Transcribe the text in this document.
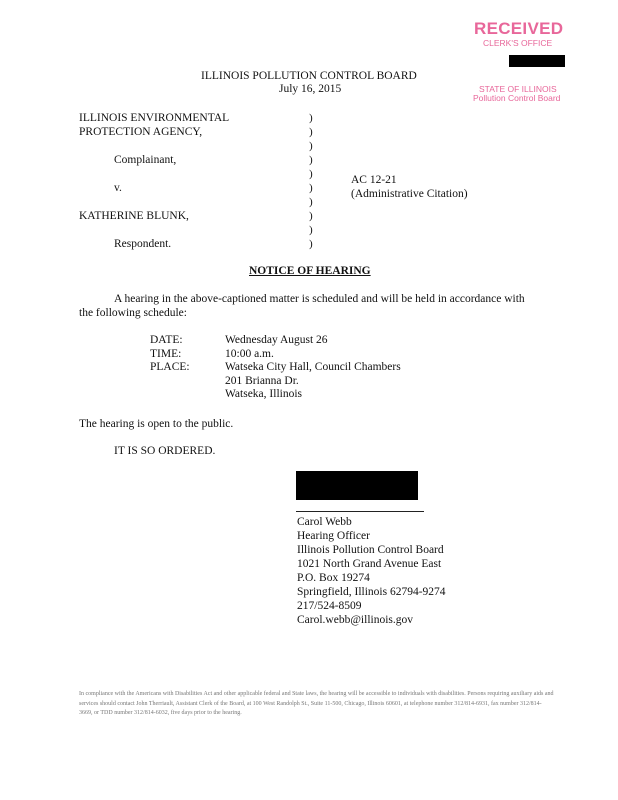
RECEIVED
CLERK'S OFFICE
STATE OF ILLINOIS
Pollution Control Board
ILLINOIS POLLUTION CONTROL BOARD
July 16, 2015
ILLINOIS ENVIRONMENTAL
PROTECTION AGENCY,
Complainant,
v.
KATHERINE BLUNK,
Respondent.
)
)
)
)
)
)
)
)
)
)
AC 12-21
(Administrative Citation)
NOTICE OF HEARING
A hearing in the above-captioned matter is scheduled and will be held in accordance with
the following schedule:
DATE:	Wednesday August 26
TIME:	10:00 a.m.
PLACE:	Watseka City Hall, Council Chambers
	201 Brianna Dr.
	Watseka, Illinois
The hearing is open to the public.
IT IS SO ORDERED.
Carol Webb
Hearing Officer
Illinois Pollution Control Board
1021 North Grand Avenue East
P.O. Box 19274
Springfield, Illinois 62794-9274
217/524-8509
Carol.webb@illinois.gov
In compliance with the Americans with Disabilities Act and other applicable federal and State laws, the hearing will be accessible to individuals with disabilities. Persons requiring auxiliary aids and services should contact John Therriault, Assistant Clerk of the Board, at 100 West Randolph St., Suite 11-500, Chicago, Illinois 60601, at telephone number 312/814-6931, fax number 312/814-3669, or TDD number 312/814-6032, five days prior to the hearing.
